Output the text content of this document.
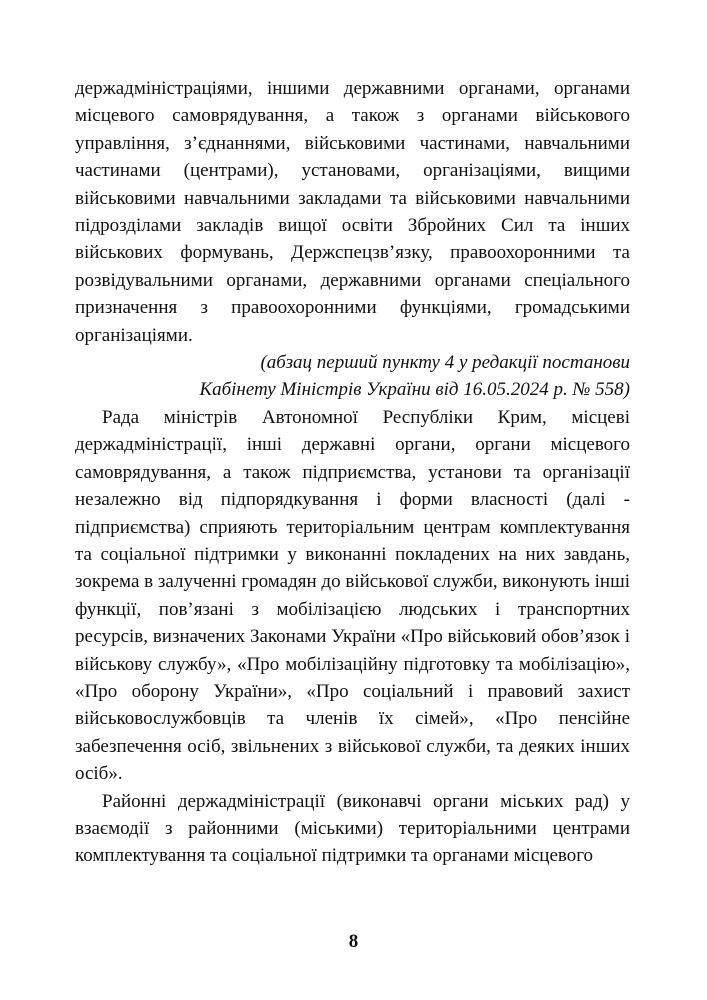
держадміністраціями, іншими державними органами, органами місцевого самоврядування, а також з органами військового управління, з’єднаннями, військовими частинами, навчальними частинами (центрами), установами, організаціями, вищими військовими навчальними закладами та військовими навчальними підрозділами закладів вищої освіти Збройних Сил та інших військових формувань, Держспецзв’язку, правоохоронними та розвідувальними органами, державними органами спеціального призначення з правоохоронними функціями, громадськими організаціями.

(абзац перший пункту 4 у редакції постанови

Кабінету Міністрів України від 16.05.2024 р. № 558)

Рада міністрів Автономної Республіки Крим, місцеві держадміністрації, інші державні органи, органи місцевого самоврядування, а також підприємства, установи та організації незалежно від підпорядкування і форми власності (далі - підприємства) сприяють територіальним центрам комплектування та соціальної підтримки у виконанні покладених на них завдань, зокрема в залученні громадян до військової служби, виконують інші функції, пов’язані з мобілізацією людських і транспортних ресурсів, визначених Законами України «Про військовий обов’язок і військову службу», «Про мобілізаційну підготовку та мобілізацію», «Про оборону України», «Про соціальний і правовий захист військовослужбовців та членів їх сімей», «Про пенсійне забезпечення осіб, звільнених з військової служби, та деяких інших осіб».

Районні держадміністрації (виконавчі органи міських рад) у взаємодії з районними (міськими) територіальними центрами комплектування та соціальної підтримки та органами місцевого

8
